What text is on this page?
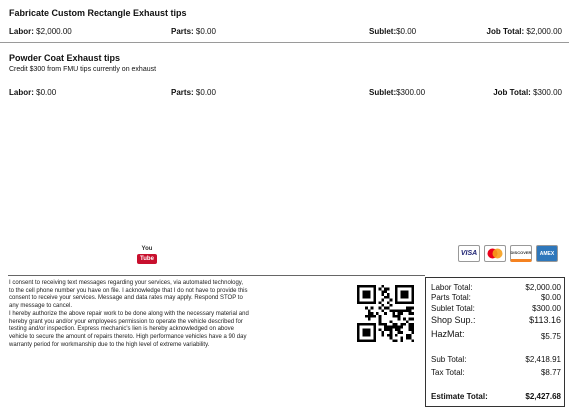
Fabricate Custom Rectangle Exhaust tips
Labor: $2,000.00	Parts: $0.00	Sublet:$0.00	Job Total: $2,000.00
Powder Coat Exhaust tips
Credit $300 from FMU tips currently on exhaust
Labor: $0.00	Parts: $0.00	Sublet:$300.00	Job Total: $300.00
You
Tube
VISA	DISCOVER	AMEX

I consent to receiving text messages regarding your services, via automated technology,

to the cell phone number you have on file. I acknowledge that I do not have to provide this

consent to receive your services. Message and data rates may apply. Respond STOP to

any message to cancel.

I hereby authorize the above repair work to be done along with the necessary material and

hereby grant you and/or your employees permission to operate the vehicle described for

testing and/or inspection. Express mechanic's lien is hereby acknowledged on above

vehicle to secure the amount of repairs thereto. High performance vehicles have a 90 day

warranty period for workmanship due to the high level of extreme variability.

Labor Total:	$2,000.00
Parts Total:	$0.00
Sublet Total:	$300.00
Shop Sup.:	$113.16
HazMat:	$5.75
Sub Total:	$2,418.91
Tax Total:	$8.77
Estimate Total:	$2,427.68
